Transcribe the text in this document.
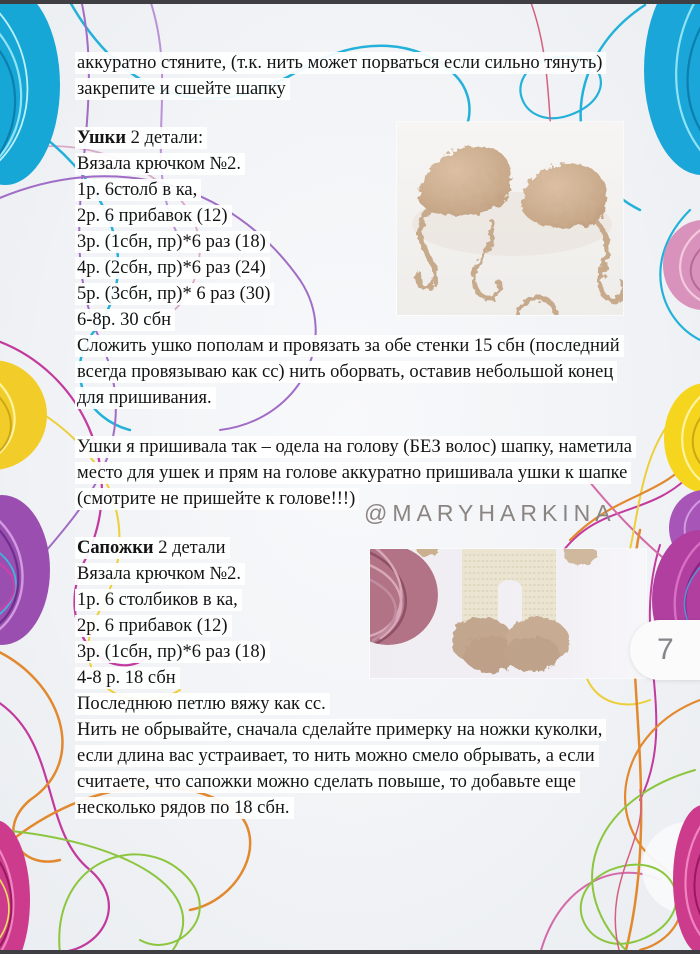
@MARYHARKINA
7
аккуратно стяните, (т.к. нить может порваться если сильно тянуть)
закрепите и сшейте шапку
Ушки 2 детали:
Вязала крючком №2.
1р. 6столб в ка,
2р. 6 прибавок (12)
3р. (1сбн, пр)*6 раз (18)
4р. (2сбн, пр)*6 раз (24)
5р. (3сбн, пр)* 6 раз (30)
6-8р. 30 сбн
Сложить ушко пополам и провязать за обе стенки 15 сбн (последний
всегда провязываю как сс) нить оборвать, оставив небольшой конец
для пришивания.
Ушки я пришивала так – одела на голову (БЕЗ волос) шапку, наметила
место для ушек и прям на голове аккуратно пришивала ушки к шапке
(смотрите не пришейте к голове!!!)
Сапожки 2 детали
Вязала крючком №2.
1р. 6 столбиков в ка,
2р. 6 прибавок (12)
3р. (1сбн, пр)*6 раз (18)
4-8 р. 18 сбн
Последнюю петлю вяжу как сс.
Нить не обрывайте, сначала сделайте примерку на ножки куколки,
если длина вас устраивает, то нить можно смело обрывать, а если
считаете, что сапожки можно сделать повыше, то добавьте еще
несколько рядов по 18 сбн.
